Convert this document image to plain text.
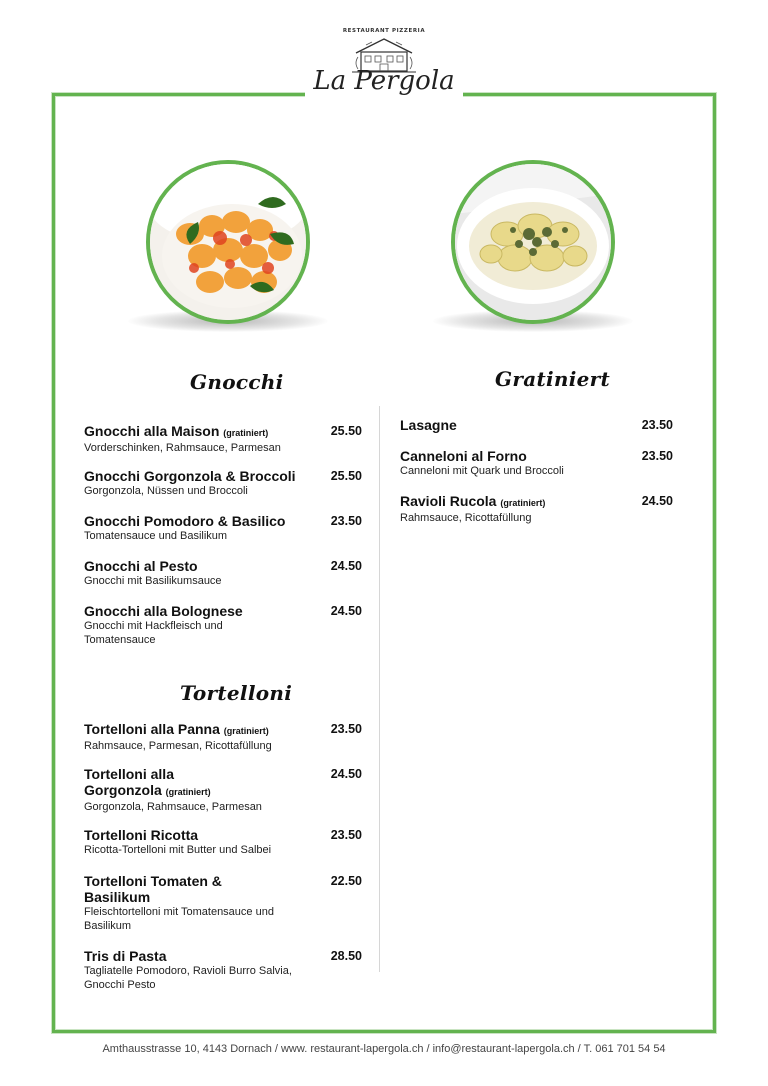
RESTAURANT PIZZERIA
La Pergola
Gnocchi	Gratiniert
Tortelloni
Gnocchi alla Maison (gratiniert)
Vorderschinken, Rahmsauce, Parmesan
25.50
Gnocchi Gorgonzola & Broccoli
Gorgonzola, Nüssen und Broccoli
25.50
Gnocchi Pomodoro & Basilico
Tomatensauce und Basilikum
23.50
Gnocchi al Pesto
Gnocchi mit Basilikumsauce
24.50
Gnocchi alla Bolognese
Gnocchi mit Hackfleisch und Tomatensauce
24.50
Tortelloni alla Panna (gratiniert)
Rahmsauce, Parmesan, Ricottafüllung
23.50
Tortelloni alla Gorgonzola (gratiniert)
Gorgonzola, Rahmsauce, Parmesan
24.50
Tortelloni Ricotta
Ricotta-Tortelloni mit Butter und Salbei
23.50
Tortelloni Tomaten & Basilikum
Fleischtortelloni mit Tomatensauce und Basilikum
22.50
Tris di Pasta
Tagliatelle Pomodoro, Ravioli Burro Salvia, Gnocchi Pesto
28.50
Lasagne	23.50
Canneloni al Forno
Canneloni mit Quark und Broccoli
23.50
Ravioli Rucola (gratiniert)
Rahmsauce, Ricottafüllung
24.50
Amthausstrasse 10, 4143 Dornach / www. restaurant-lapergola.ch / info@restaurant-lapergola.ch / T. 061 701 54 54
